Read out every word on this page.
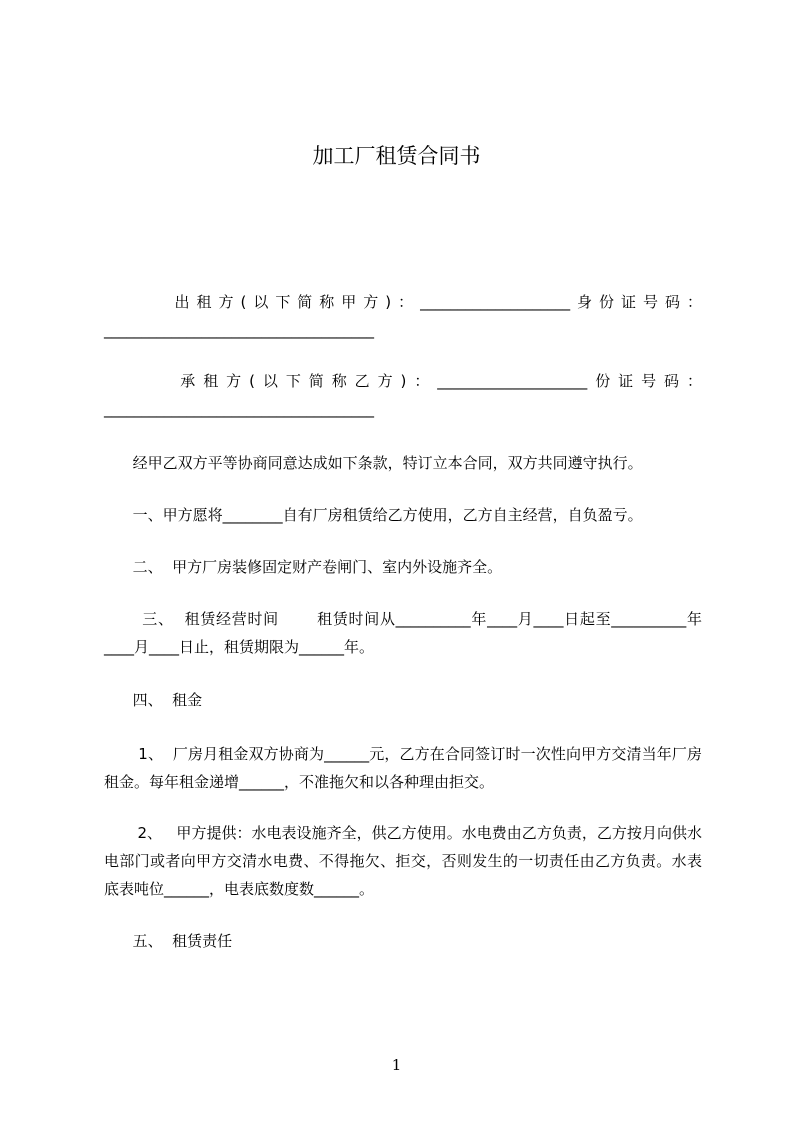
加工厂租赁合同书
出租方(以下简称甲方)：____________________身份证号码：____________________________________
承租方(以下简称乙方)：____________________份证号码：____________________________________
经甲乙双方平等协商同意达成如下条款，特订立本合同，双方共同遵守执行。
一、甲方愿将________自有厂房租赁给乙方使用，乙方自主经营，自负盈亏。
二、  甲方厂房装修固定财产卷闸门、室内外设施齐全。
三、  租赁经营时间       租赁时间从__________年____月____日起至__________年____月____日止，租赁期限为______年。
四、  租金
1、  厂房月租金双方协商为______元，乙方在合同签订时一次性向甲方交清当年厂房租金。每年租金递增______，不准拖欠和以各种理由拒交。
2、   甲方提供：水电表设施齐全，供乙方使用。水电费由乙方负责，乙方按月向供水电部门或者向甲方交清水电费、不得拖欠、拒交，否则发生的一切责任由乙方负责。水表底表吨位______，电表底数度数______。
五、  租赁责任
1
